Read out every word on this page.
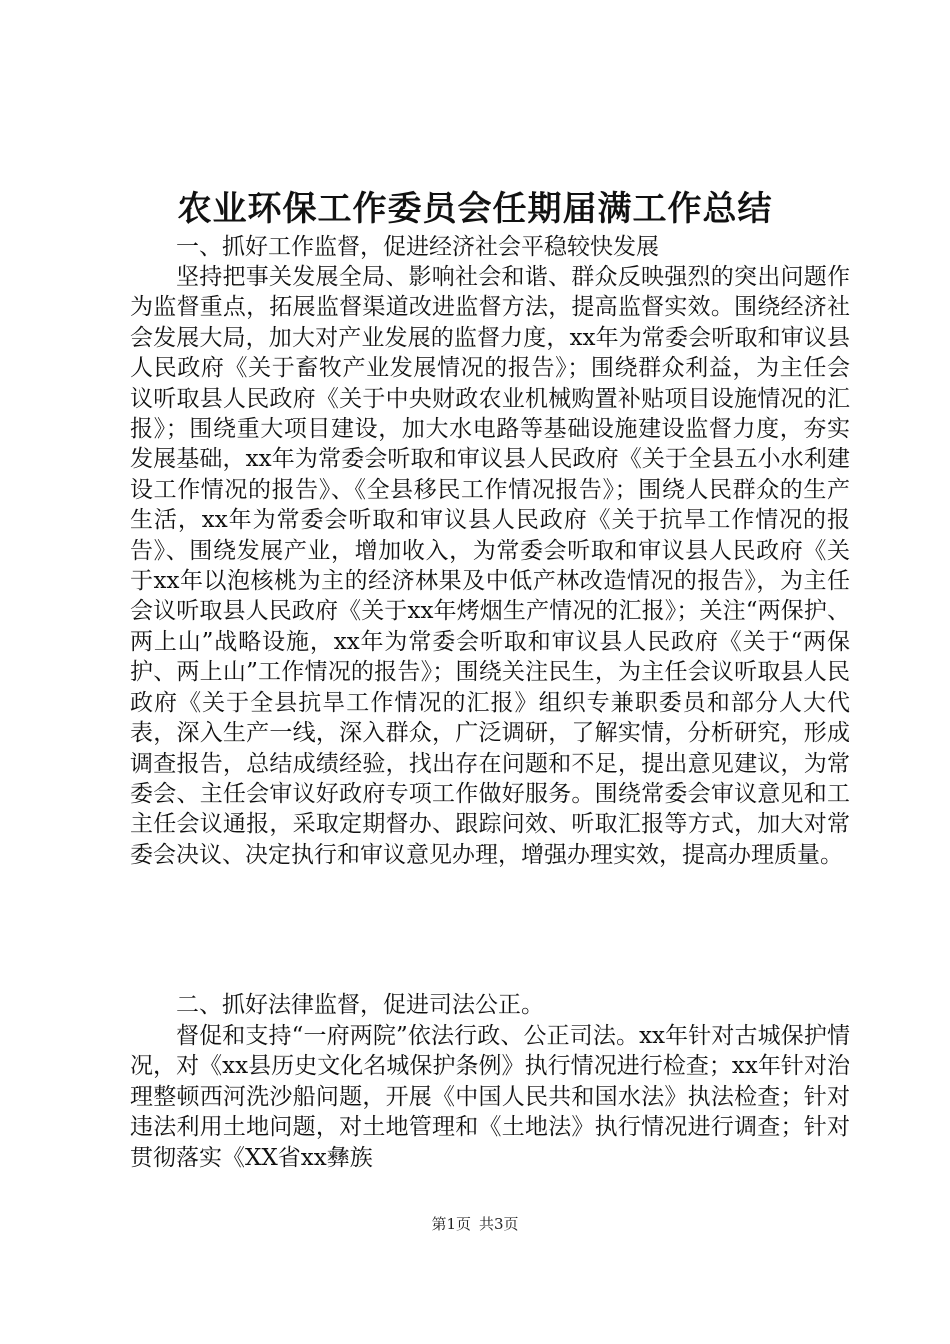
农业环保工作委员会任期届满工作总结

一、抓好工作监督，促进经济社会平稳较快发展

坚持把事关发展全局、影响社会和谐、群众反映强烈的突出问题作为监督重点，拓展监督渠道改进监督方法，提高监督实效。围绕经济社会发展大局，加大对产业发展的监督力度，xx年为常委会听取和审议县人民政府《关于畜牧产业发展情况的报告》；围绕群众利益，为主任会议听取县人民政府《关于中央财政农业机械购置补贴项目设施情况的汇报》；围绕重大项目建设，加大水电路等基础设施建设监督力度，夯实发展基础，xx年为常委会听取和审议县人民政府《关于全县五小水利建设工作情况的报告》、《全县移民工作情况报告》；围绕人民群众的生产生活，xx年为常委会听取和审议县人民政府《关于抗旱工作情况的报告》、围绕发展产业，增加收入，为常委会听取和审议县人民政府《关于xx年以泡核桃为主的经济林果及中低产林改造情况的报告》，为主任会议听取县人民政府《关于xx年烤烟生产情况的汇报》；关注“两保护、两上山”战略设施，xx年为常委会听取和审议县人民政府《关于“两保护、两上山”工作情况的报告》；围绕关注民生，为主任会议听取县人民政府《关于全县抗旱工作情况的汇报》组织专兼职委员和部分人大代表，深入生产一线，深入群众，广泛调研，了解实情，分析研究，形成调查报告，总结成绩经验，找出存在问题和不足，提出意见建议，为常委会、主任会审议好政府专项工作做好服务。围绕常委会审议意见和工主任会议通报，采取定期督办、跟踪问效、听取汇报等方式，加大对常委会决议、决定执行和审议意见办理，增强办理实效，提高办理质量。

二、抓好法律监督，促进司法公正。

督促和支持“一府两院”依法行政、公正司法。xx年针对古城保护情况，对《xx县历史文化名城保护条例》执行情况进行检查；xx年针对治理整顿西河洗沙船问题，开展《中国人民共和国水法》执法检查；针对违法利用土地问题，对土地管理和《土地法》执行情况进行调查；针对贯彻落实《XX省xx彝族

第1页 共3页
